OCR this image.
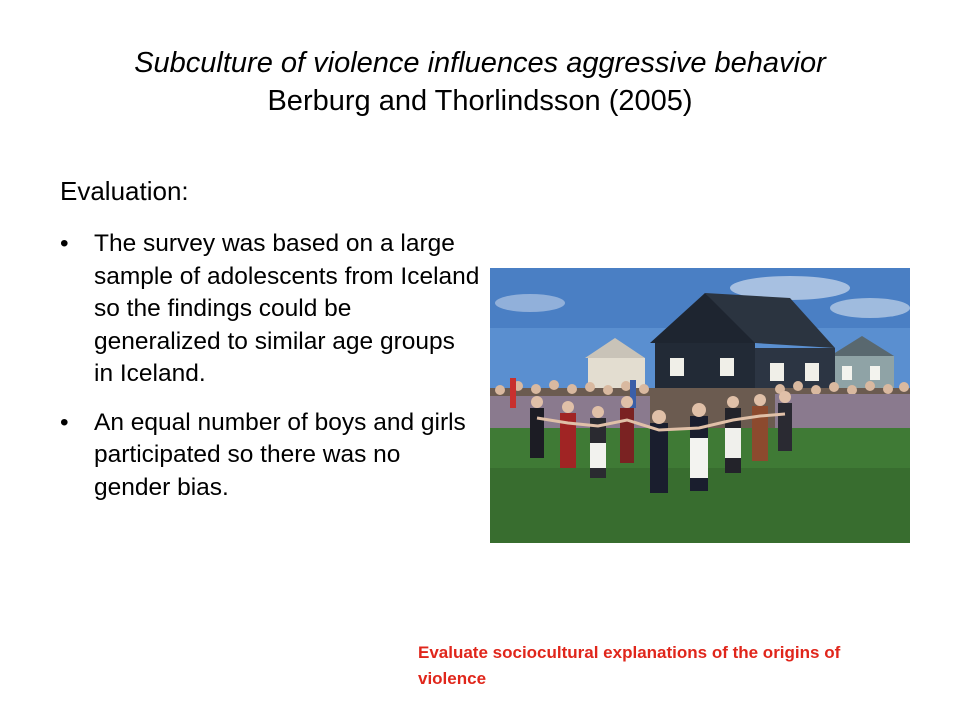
Subculture of violence influences aggressive behavior
Berburg and Thorlindsson (2005)
Evaluation:
•	The survey was based on a large sample of adolescents from Iceland so the findings could be generalized to similar age groups in Iceland.
•	An equal number of boys and girls participated so there was no gender bias.
Evaluate sociocultural explanations of the origins of violence
